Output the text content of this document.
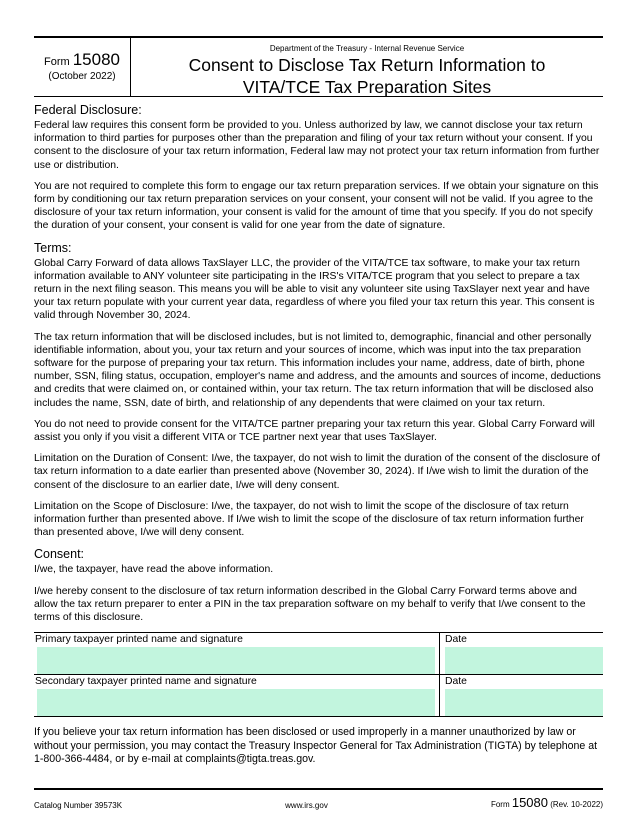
Form 15080
(October 2022)
Department of the Treasury - Internal Revenue Service
Consent to Disclose Tax Return Information to
VITA/TCE Tax Preparation Sites
Federal Disclosure:

Federal law requires this consent form be provided to you. Unless authorized by law, we cannot disclose your tax return information to third parties for purposes other than the preparation and filing of your tax return without your consent. If you consent to the disclosure of your tax return information, Federal law may not protect your tax return information from further use or distribution.

You are not required to complete this form to engage our tax return preparation services. If we obtain your signature on this form by conditioning our tax return preparation services on your consent, your consent will not be valid. If you agree to the disclosure of your tax return information, your consent is valid for the amount of time that you specify. If you do not specify the duration of your consent, your consent is valid for one year from the date of signature.

Terms:

Global Carry Forward of data allows TaxSlayer LLC, the provider of the VITA/TCE tax software, to make your tax return information available to ANY volunteer site participating in the IRS's VITA/TCE program that you select to prepare a tax return in the next filing season. This means you will be able to visit any volunteer site using TaxSlayer next year and have your tax return populate with your current year data, regardless of where you filed your tax return this year. This consent is valid through November 30, 2024.

The tax return information that will be disclosed includes, but is not limited to, demographic, financial and other personally identifiable information, about you, your tax return and your sources of income, which was input into the tax preparation software for the purpose of preparing your tax return. This information includes your name, address, date of birth, phone number, SSN, filing status, occupation, employer's name and address, and the amounts and sources of income, deductions and credits that were claimed on, or contained within, your tax return. The tax return information that will be disclosed also includes the name, SSN, date of birth, and relationship of any dependents that were claimed on your tax return.

You do not need to provide consent for the VITA/TCE partner preparing your tax return this year. Global Carry Forward will assist you only if you visit a different VITA or TCE partner next year that uses TaxSlayer.

Limitation on the Duration of Consent: I/we, the taxpayer, do not wish to limit the duration of the consent of the disclosure of tax return information to a date earlier than presented above (November 30, 2024). If I/we wish to limit the duration of the consent of the disclosure to an earlier date, I/we will deny consent.

Limitation on the Scope of Disclosure: I/we, the taxpayer, do not wish to limit the scope of the disclosure of tax return information further than presented above. If I/we wish to limit the scope of the disclosure of tax return information further than presented above, I/we will deny consent.

Consent:

I/we, the taxpayer, have read the above information.

I/we hereby consent to the disclosure of tax return information described in the Global Carry Forward terms above and allow the tax return preparer to enter a PIN in the tax preparation software on my behalf to verify that I/we consent to the terms of this disclosure.

Primary taxpayer printed name and signature	Date
Secondary taxpayer printed name and signature	Date

If you believe your tax return information has been disclosed or used improperly in a manner unauthorized by law or without your permission, you may contact the Treasury Inspector General for Tax Administration (TIGTA) by telephone at 1-800-366-4484, or by e-mail at complaints@tigta.treas.gov.

Catalog Number 39573K	www.irs.gov	Form 15080 (Rev. 10-2022)
